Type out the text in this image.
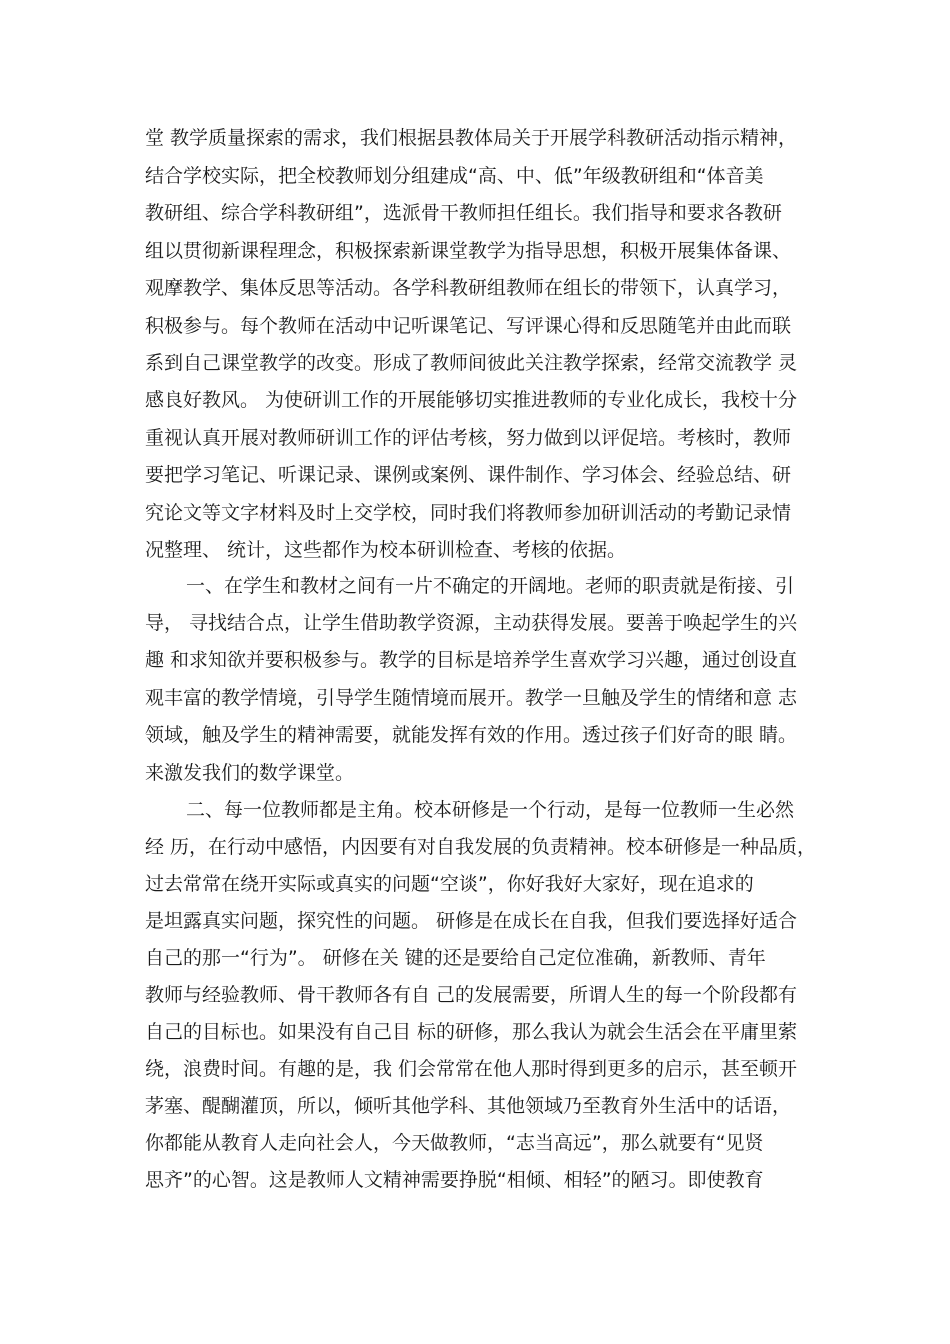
堂 教学质量探索的需求，我们根据县教体局关于开展学科教研活动指示精神，
结合学校实际，把全校教师划分组建成“高、中、低”年级教研组和“体音美
教研组、综合学科教研组”，选派骨干教师担任组长。我们指导和要求各教研
组以贯彻新课程理念，积极探索新课堂教学为指导思想，积极开展集体备课、
观摩教学、集体反思等活动。各学科教研组教师在组长的带领下，认真学习，
积极参与。每个教师在活动中记听课笔记、写评课心得和反思随笔并由此而联
系到自己课堂教学的改变。形成了教师间彼此关注教学探索，经常交流教学 灵
感良好教风。 为使研训工作的开展能够切实推进教师的专业化成长，我校十分
重视认真开展对教师研训工作的评估考核，努力做到以评促培。考核时，教师
要把学习笔记、听课记录、课例或案例、课件制作、学习体会、经验总结、研
究论文等文字材料及时上交学校，同时我们将教师参加研训活动的考勤记录情
况整理、 统计，这些都作为校本研训检查、考核的依据。
一、在学生和教材之间有一片不确定的开阔地。老师的职责就是衔接、引
导， 寻找结合点，让学生借助教学资源，主动获得发展。要善于唤起学生的兴
趣 和求知欲并要积极参与。教学的目标是培养学生喜欢学习兴趣，通过创设直
观丰富的教学情境，引导学生随情境而展开。教学一旦触及学生的情绪和意 志
领域，触及学生的精神需要，就能发挥有效的作用。透过孩子们好奇的眼 睛。
来激发我们的数学课堂。
二、每一位教师都是主角。校本研修是一个行动，是每一位教师一生必然
经 历，在行动中感悟，内因要有对自我发展的负责精神。校本研修是一种品质，
过去常常在绕开实际或真实的问题“空谈”，你好我好大家好，现在追求的
是坦露真实问题，探究性的问题。 研修是在成长在自我，但我们要选择好适合
自己的那一“行为”。 研修在关 键的还是要给自己定位准确，新教师、青年
教师与经验教师、骨干教师各有自 己的发展需要，所谓人生的每一个阶段都有
自己的目标也。如果没有自己目 标的研修，那么我认为就会生活会在平庸里萦
绕，浪费时间。有趣的是，我 们会常常在他人那时得到更多的启示，甚至顿开
茅塞、醍醐灌顶，所以，倾听其他学科、其他领域乃至教育外生活中的话语，
你都能从教育人走向社会人，今天做教师，“志当高远”，那么就要有“见贤
思齐”的心智。这是教师人文精神需要挣脱“相倾、相轻”的陋习。即使教育
